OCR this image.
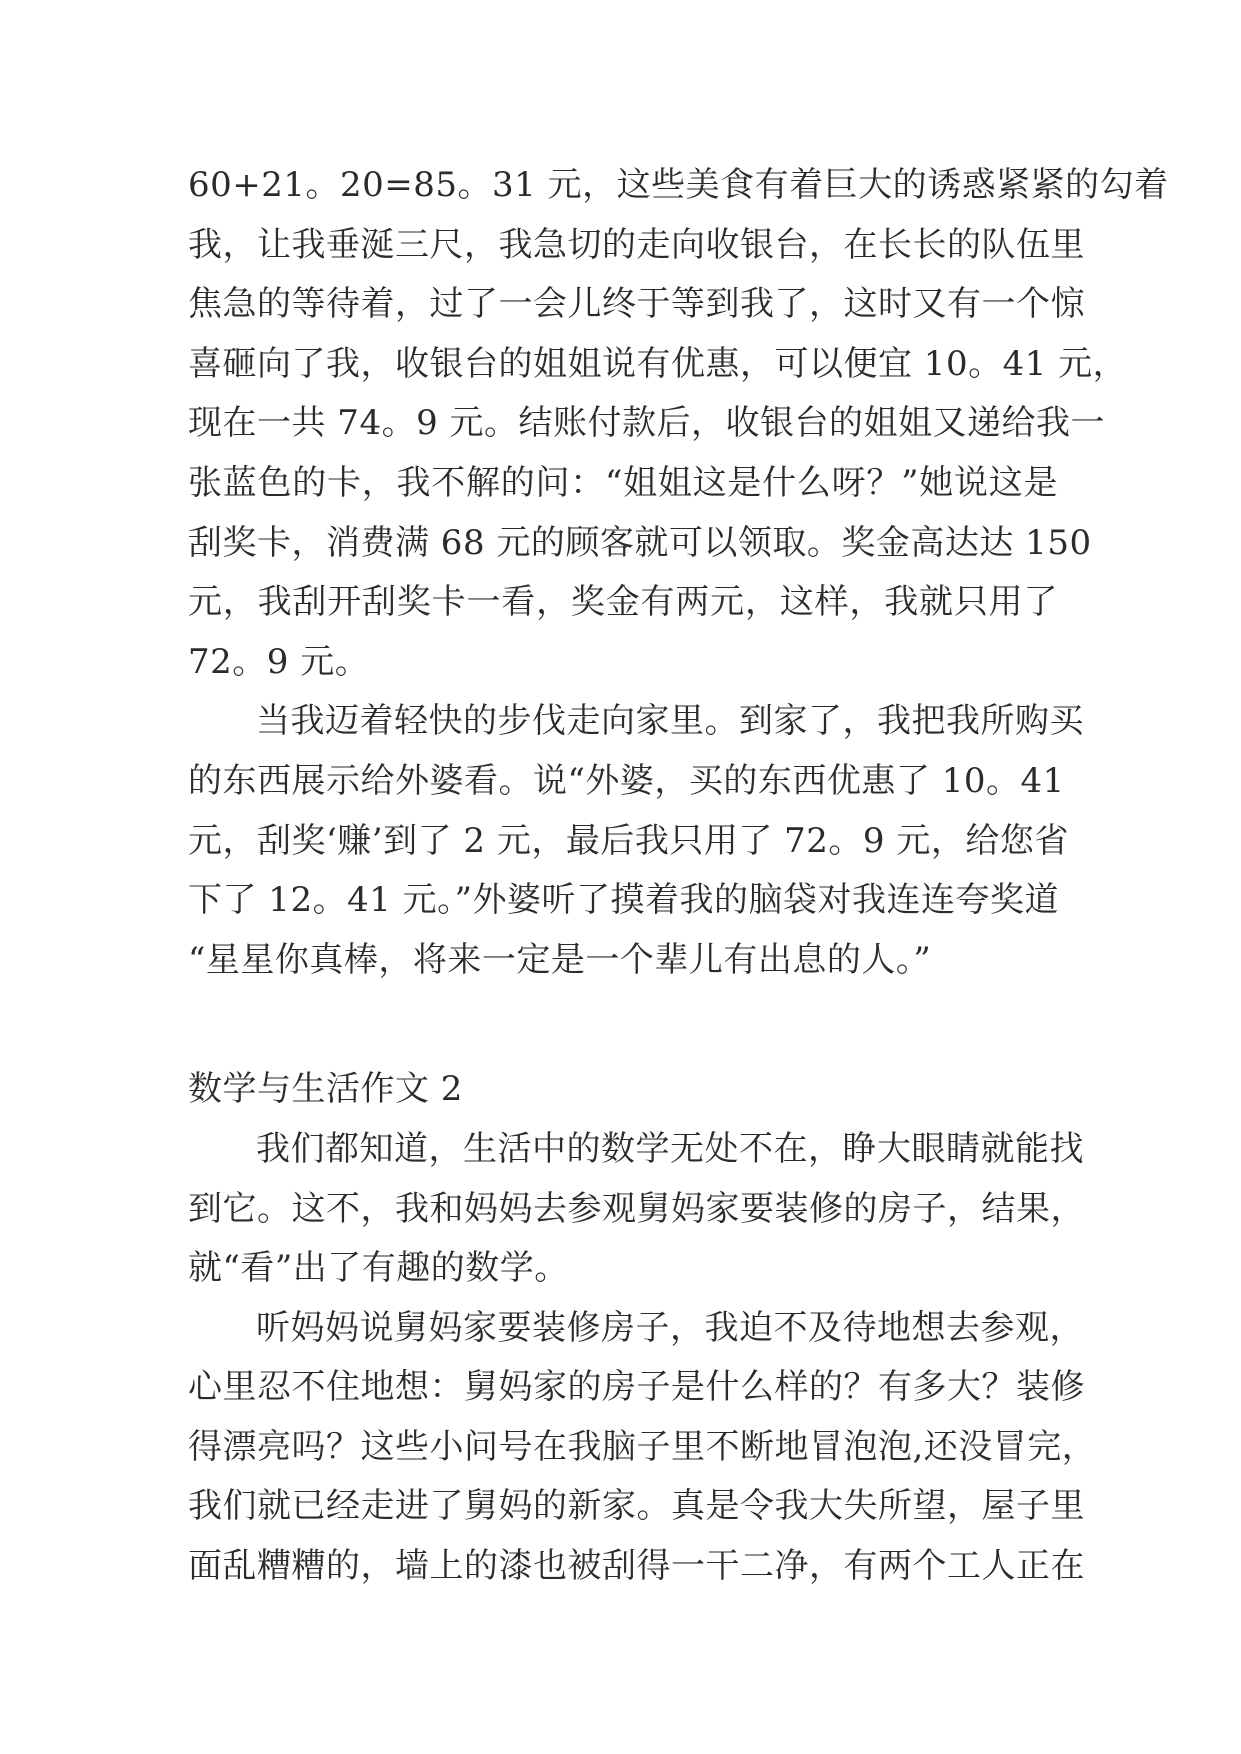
60+21。20=85。31 元，这些美食有着巨大的诱惑紧紧的勾着
我，让我垂涎三尺，我急切的走向收银台，在长长的队伍里
焦急的等待着，过了一会儿终于等到我了，这时又有一个惊
喜砸向了我，收银台的姐姐说有优惠，可以便宜 10。41 元，
现在一共 74。9 元。结账付款后，收银台的姐姐又递给我一
张蓝色的卡，我不解的问：“姐姐这是什么呀？”她说这是
刮奖卡，消费满 68 元的顾客就可以领取。奖金高达达 150
元，我刮开刮奖卡一看，奖金有两元，这样，我就只用了
72。9 元。
当我迈着轻快的步伐走向家里。到家了，我把我所购买
的东西展示给外婆看。说“外婆，买的东西优惠了 10。41
元，刮奖‘赚’到了 2 元，最后我只用了 72。9 元，给您省
下了 12。41 元。”外婆听了摸着我的脑袋对我连连夸奖道
“星星你真棒，将来一定是一个辈儿有出息的人。”
数学与生活作文 2
我们都知道，生活中的数学无处不在，睁大眼睛就能找
到它。这不，我和妈妈去参观舅妈家要装修的房子，结果，
就“看”出了有趣的数学。
听妈妈说舅妈家要装修房子，我迫不及待地想去参观，
心里忍不住地想：舅妈家的房子是什么样的？有多大？装修
得漂亮吗？这些小问号在我脑子里不断地冒泡泡,还没冒完，
我们就已经走进了舅妈的新家。真是令我大失所望，屋子里
面乱糟糟的，墙上的漆也被刮得一干二净，有两个工人正在
